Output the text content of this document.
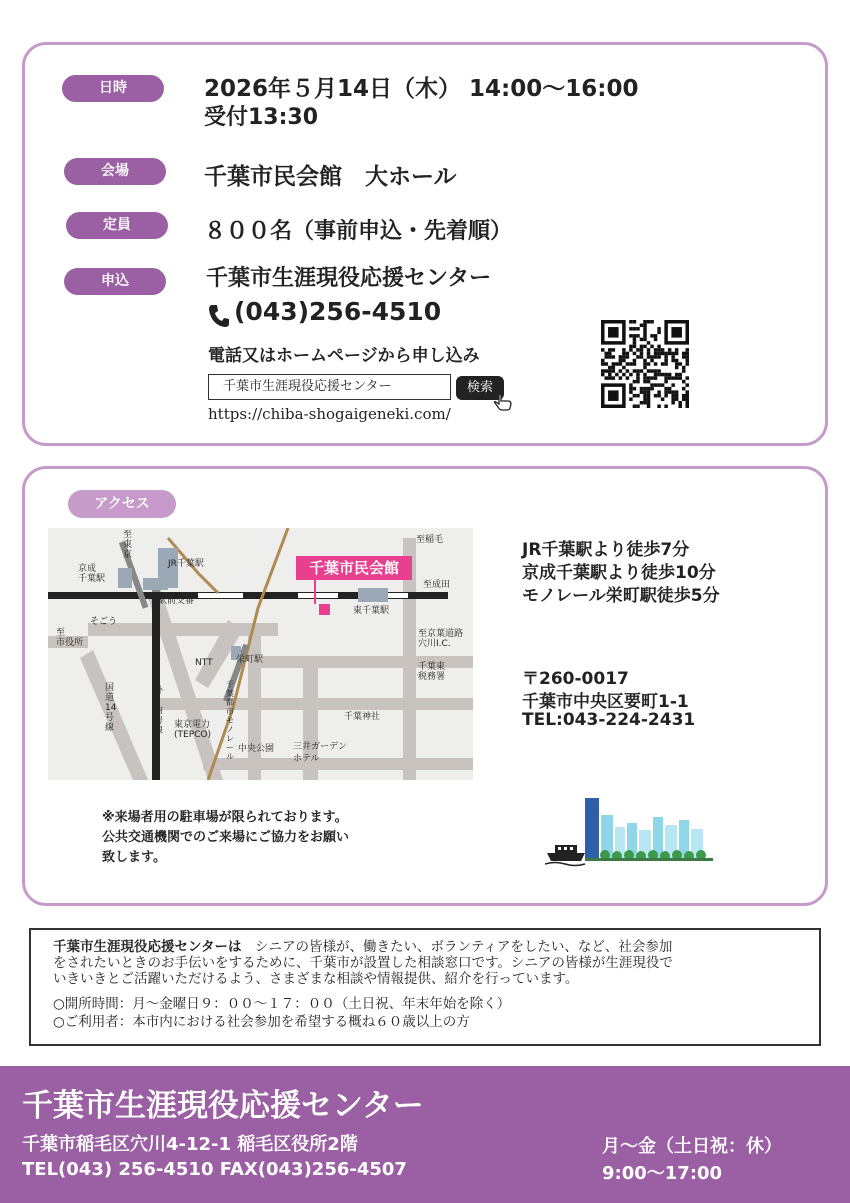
日時	2026年５月14日（木） 14:00〜16:00
受付13:30
会場	千葉市民会館　大ホール
定員	８００名（事前申込・先着順）
申込	千葉市生涯現役応援センター
(043)256-4510
電話又はホームページから申し込み
千葉市生涯現役応援センター	検索
https://chiba-shogaigeneki.com/
アクセス
千葉市民会館
至稲毛
至成田
至
東
京
至
市役所
JR千葉駅
京成
千葉駅
駅前交番
東千葉駅
そごう
至京葉道路
穴川I.C.
千葉東
税務署
NTT	栄町駅
国
道
14
号
線
外
・
内
房
線
東京電力
(TEPCO)
千
葉
都
市
モ
ノ
レ
ー
ル
千葉神社
中央公園 三井ガーデン
ホテル
JR千葉駅より徒歩7分
京成千葉駅より徒歩10分
モノレール栄町駅徒歩5分
〒260-0017
千葉市中央区要町1-1
TEL:043-224-2431
※来場者用の駐車場が限られております。
公共交通機関でのご来場にご協力をお願い
致します。
千葉市生涯現役応援センターは　シニアの皆様が、働きたい、ボランティアをしたい、など、社会参加
をされたいときのお手伝いをするために、千葉市が設置した相談窓口です。シニアの皆様が生涯現役で
いきいきとご活躍いただけるよう、さまざまな相談や情報提供、紹介を行っています。
○開所時間：月〜金曜日９：００〜１７：００（土日祝、年末年始を除く）
○ご利用者：本市内における社会参加を希望する概ね６０歳以上の方
千葉市生涯現役応援センター
千葉市稲毛区穴川4-12-1 稲毛区役所2階
TEL(043) 256-4510 FAX(043)256-4507
月〜金（土日祝：休）
9:00〜17:00
